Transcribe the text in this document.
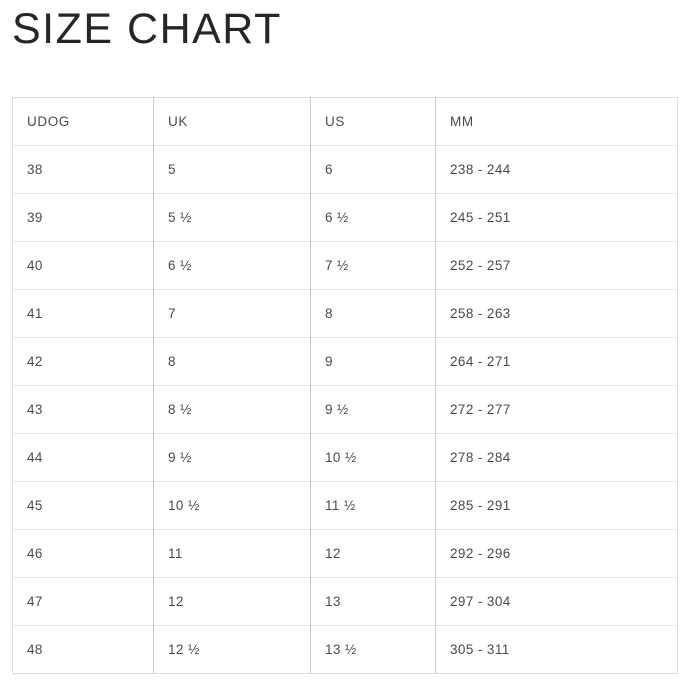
SIZE CHART
UDOG	UK	US	MM
38	5	6	238 - 244
39	5 ½	6 ½	245 - 251
40	6 ½	7 ½	252 - 257
41	7	8	258 - 263
42	8	9	264 - 271
43	8 ½	9 ½	272 - 277
44	9 ½	10 ½	278 - 284
45	10 ½	11 ½	285 - 291
46	11	12	292 - 296
47	12	13	297 - 304
48	12 ½	13 ½	305 - 311
